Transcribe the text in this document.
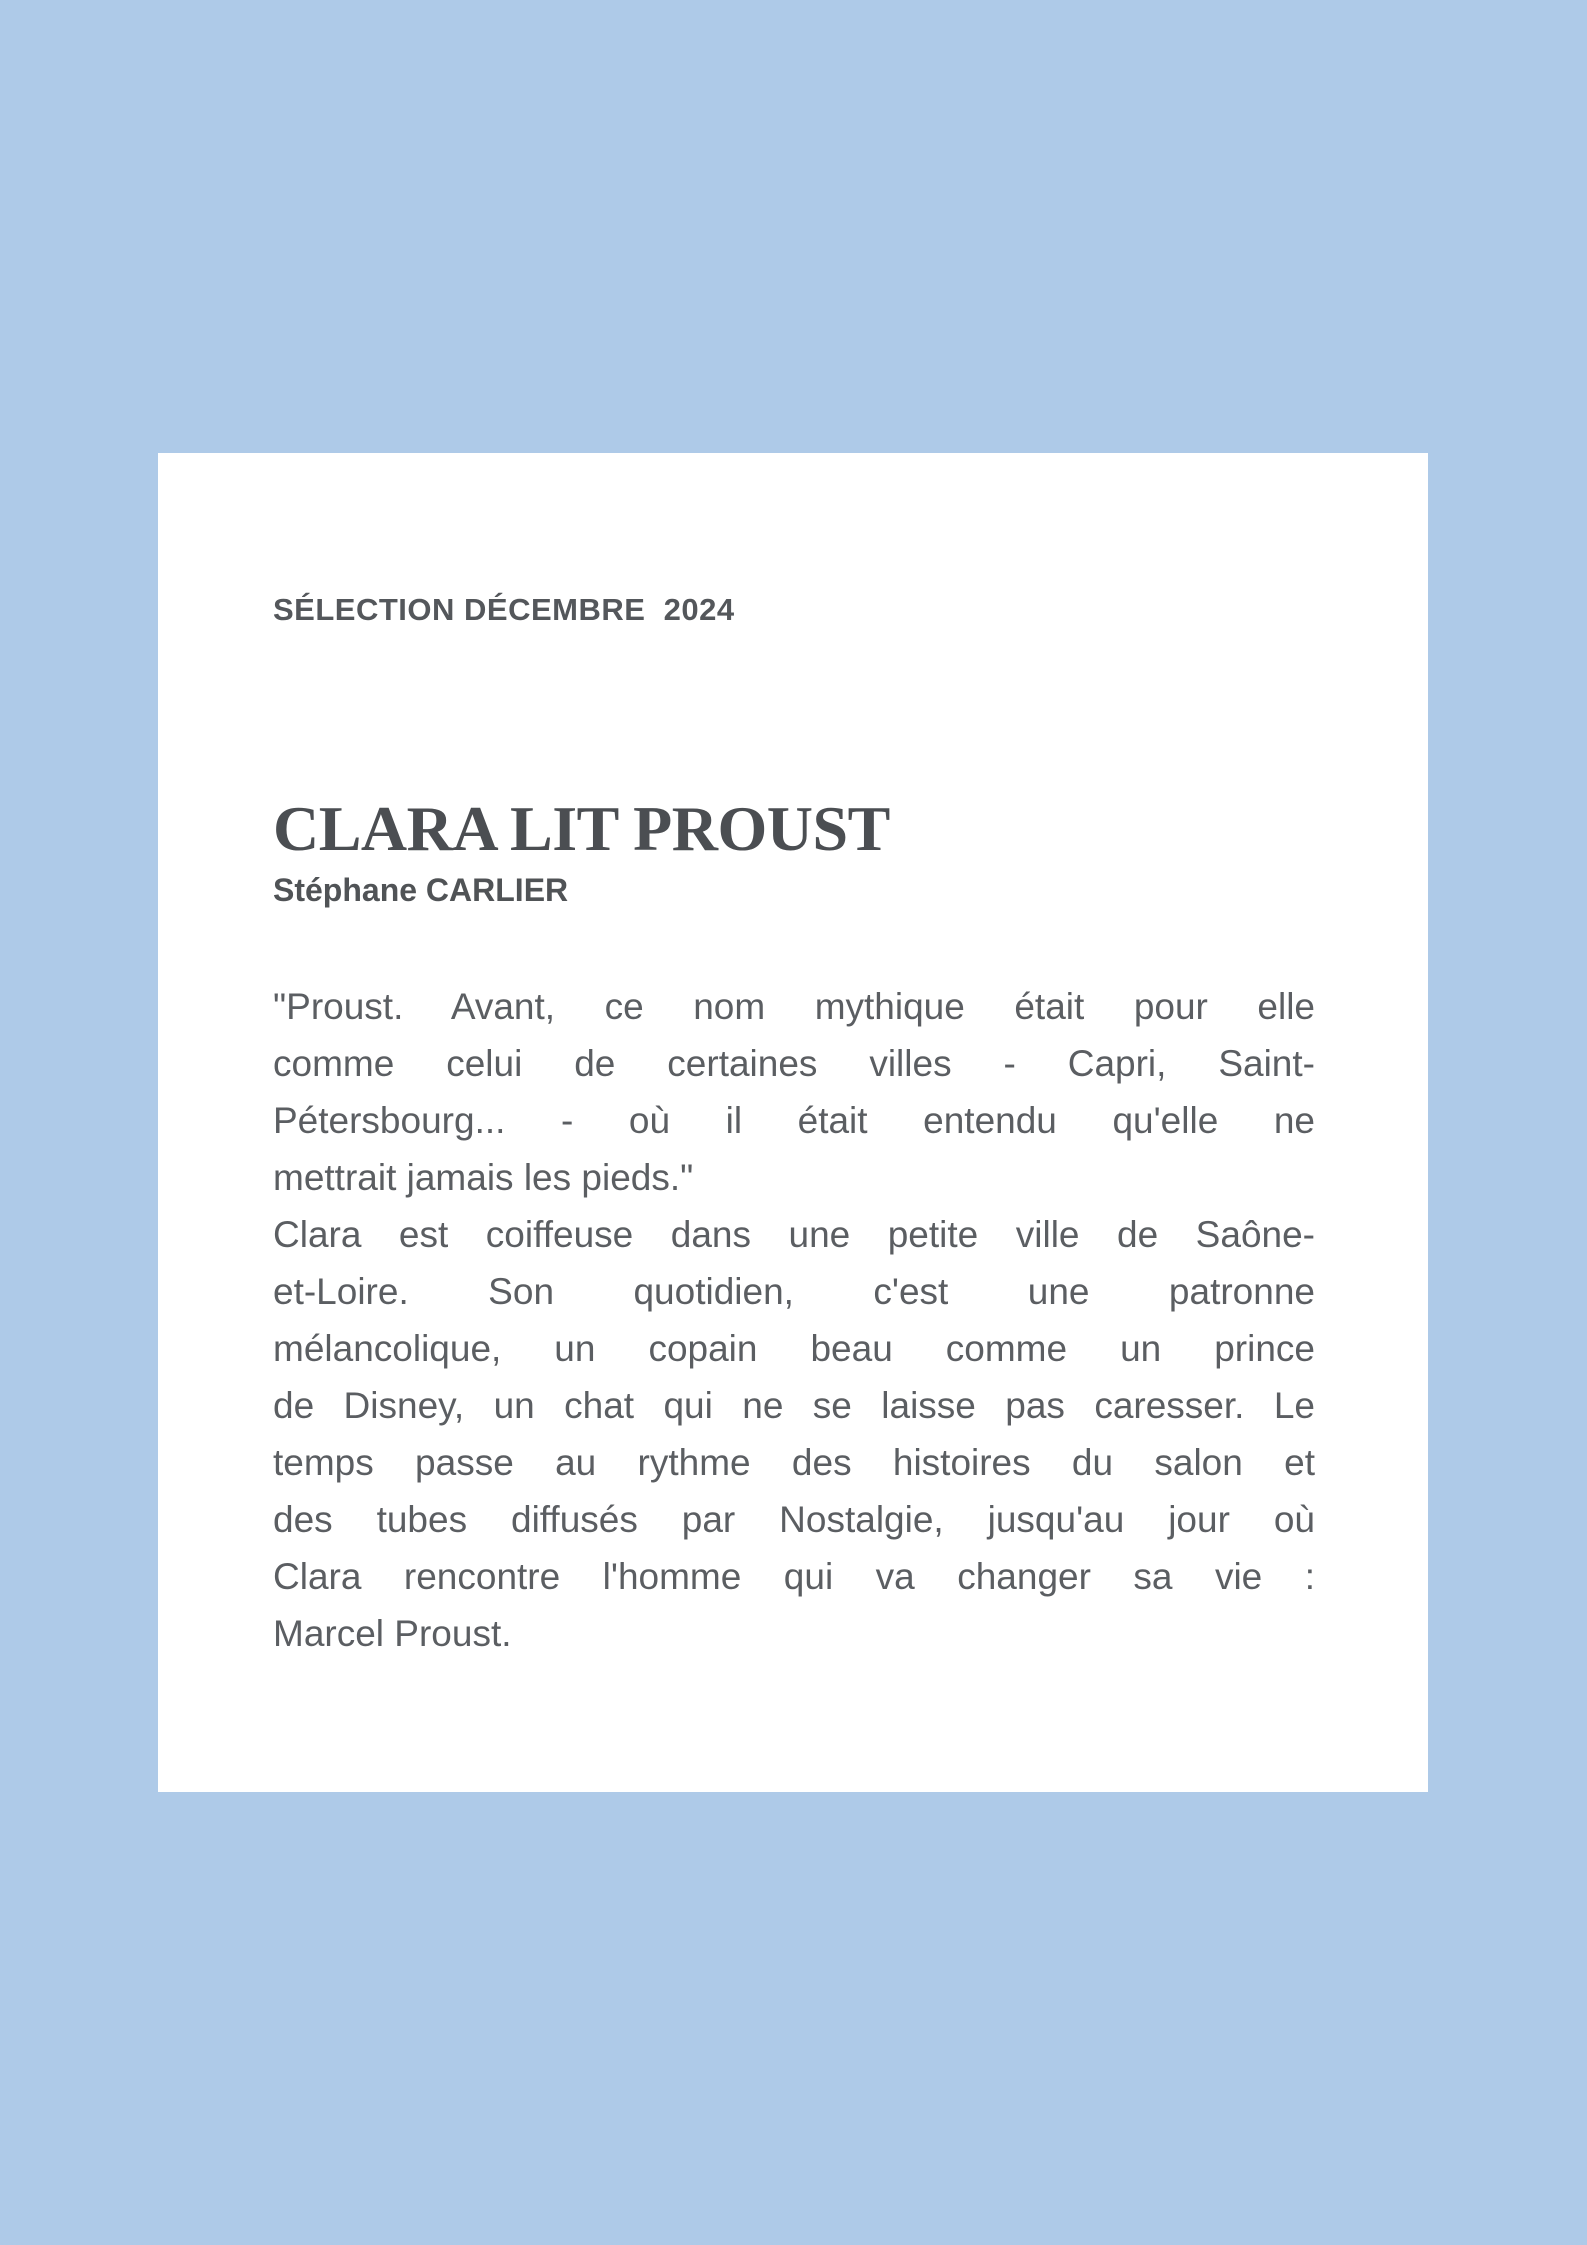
SÉLECTION DÉCEMBRE  2024
CLARA LIT PROUST
Stéphane CARLIER
"Proust. Avant, ce nom mythique était pour elle
comme celui de certaines villes - Capri, Saint-
Pétersbourg... - où il était entendu qu'elle ne
mettrait jamais les pieds."
Clara est coiffeuse dans une petite ville de Saône-
et-Loire. Son quotidien, c'est une patronne
mélancolique, un copain beau comme un prince
de Disney, un chat qui ne se laisse pas caresser. Le
temps passe au rythme des histoires du salon et
des tubes diffusés par Nostalgie, jusqu'au jour où
Clara rencontre l'homme qui va changer sa vie :
Marcel Proust.
